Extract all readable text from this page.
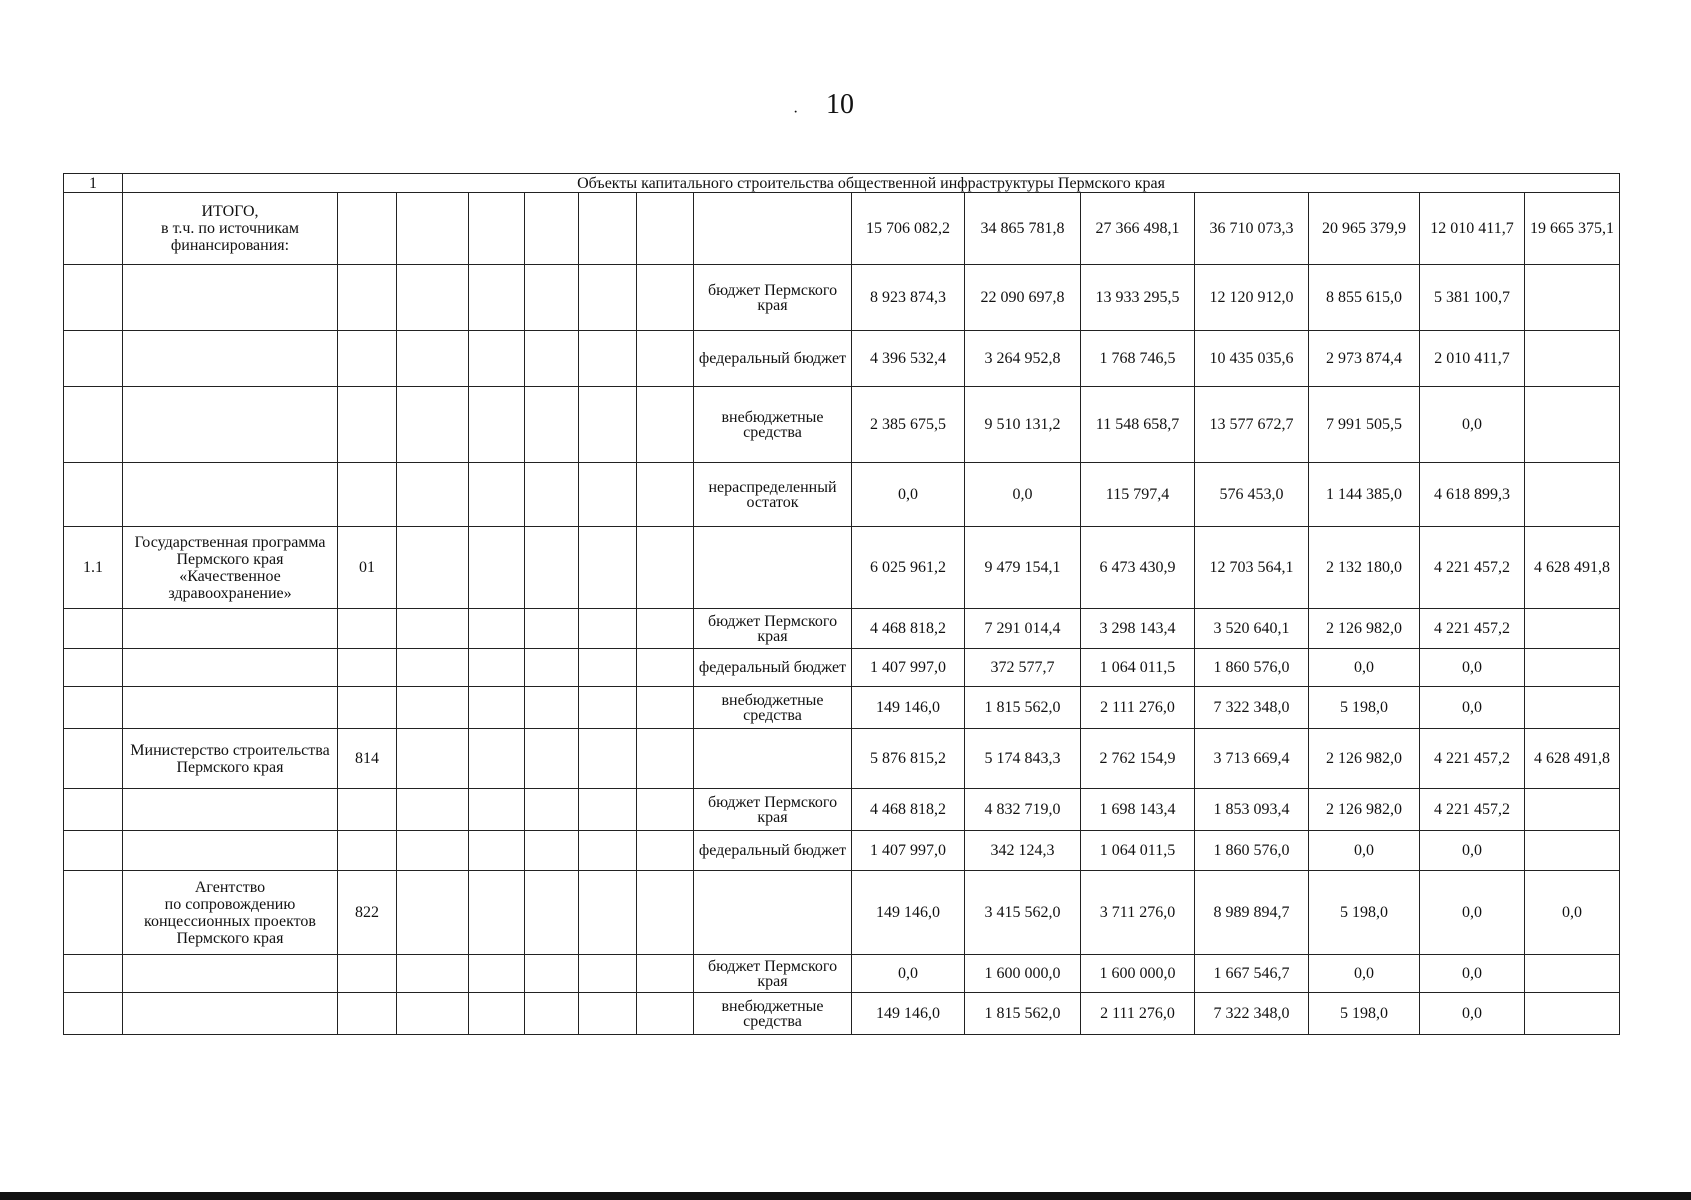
· 10
1	Объекты капитального строительства общественной инфраструктуры Пермского края														
	ИТОГО,
в т.ч. по источникам
финансирования:								15 706 082,2	34 865 781,8	27 366 498,1	36 710 073,3	20 965 379,9	12 010 411,7	19 665 375,1
								бюджет Пермского края	8 923 874,3	22 090 697,8	13 933 295,5	12 120 912,0	8 855 615,0	5 381 100,7	
								федеральный бюджет	4 396 532,4	3 264 952,8	1 768 746,5	10 435 035,6	2 973 874,4	2 010 411,7	
								внебюджетные средства	2 385 675,5	9 510 131,2	11 548 658,7	13 577 672,7	7 991 505,5	0,0	
								нераспределенный остаток	0,0	0,0	115 797,4	576 453,0	1 144 385,0	4 618 899,3	
1.1	Государственная программа Пермского края «Качественное здравоохранение»	01							6 025 961,2	9 479 154,1	6 473 430,9	12 703 564,1	2 132 180,0	4 221 457,2	4 628 491,8
								бюджет Пермского края	4 468 818,2	7 291 014,4	3 298 143,4	3 520 640,1	2 126 982,0	4 221 457,2	
								федеральный бюджет	1 407 997,0	372 577,7	1 064 011,5	1 860 576,0	0,0	0,0	
								внебюджетные средства	149 146,0	1 815 562,0	2 111 276,0	7 322 348,0	5 198,0	0,0	
	Министерство строительства Пермского края	814							5 876 815,2	5 174 843,3	2 762 154,9	3 713 669,4	2 126 982,0	4 221 457,2	4 628 491,8
								бюджет Пермского края	4 468 818,2	4 832 719,0	1 698 143,4	1 853 093,4	2 126 982,0	4 221 457,2	
								федеральный бюджет	1 407 997,0	342 124,3	1 064 011,5	1 860 576,0	0,0	0,0	
	Агентство
по сопровождению
концессионных проектов
Пермского края	822							149 146,0	3 415 562,0	3 711 276,0	8 989 894,7	5 198,0	0,0	0,0
								бюджет Пермского края	0,0	1 600 000,0	1 600 000,0	1 667 546,7	0,0	0,0	
								внебюджетные средства	149 146,0	1 815 562,0	2 111 276,0	7 322 348,0	5 198,0	0,0	
